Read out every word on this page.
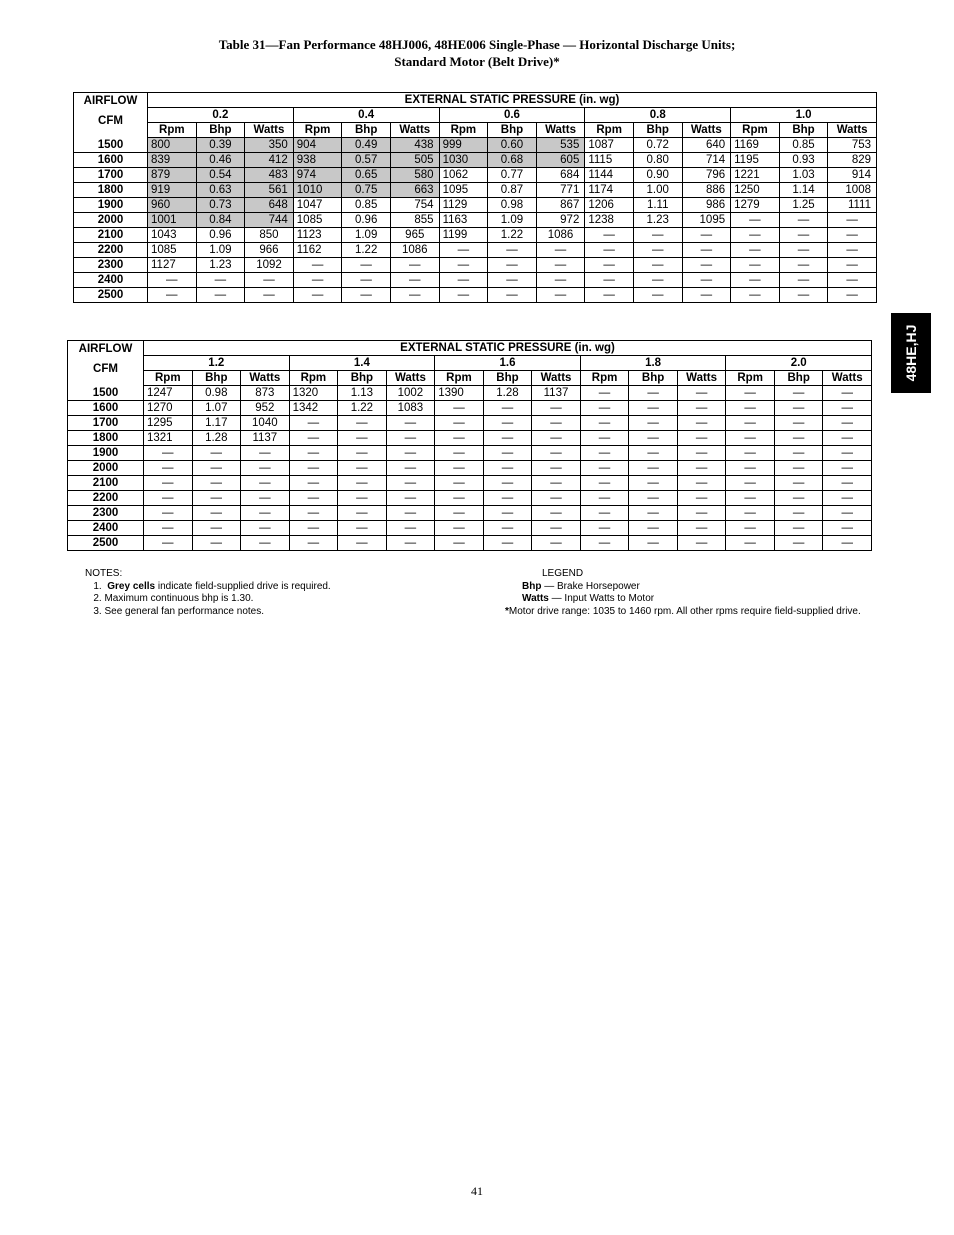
Table 31—Fan Performance 48HJ006, 48HE006 Single-Phase — Horizontal Discharge Units;
Standard Motor (Belt Drive)*
48HE,HJ
AIRFLOW
CFM	EXTERNAL STATIC PRESSURE (in. wg)														
	0.2			0.4			0.6			0.8			1.0		
	Rpm	Bhp	Watts	Rpm	Bhp	Watts	Rpm	Bhp	Watts	Rpm	Bhp	Watts	Rpm	Bhp	Watts
1500	800	0.39	350	904	0.49	438	999	0.60	535	1087	0.72	640	1169	0.85	753
1600	839	0.46	412	938	0.57	505	1030	0.68	605	1115	0.80	714	1195	0.93	829
1700	879	0.54	483	974	0.65	580	1062	0.77	684	1144	0.90	796	1221	1.03	914
1800	919	0.63	561	1010	0.75	663	1095	0.87	771	1174	1.00	886	1250	1.14	1008
1900	960	0.73	648	1047	0.85	754	1129	0.98	867	1206	1.11	986	1279	1.25	1111
2000	1001	0.84	744	1085	0.96	855	1163	1.09	972	1238	1.23	1095	—	—	—
2100	1043	0.96	850	1123	1.09	965	1199	1.22	1086	—	—	—	—	—	—
2200	1085	1.09	966	1162	1.22	1086	—	—	—	—	—	—	—	—	—
2300	1127	1.23	1092	—	—	—	—	—	—	—	—	—	—	—	—
2400	—	—	—	—	—	—	—	—	—	—	—	—	—	—	—
2500	—	—	—	—	—	—	—	—	—	—	—	—	—	—	—
AIRFLOW
CFM	EXTERNAL STATIC PRESSURE (in. wg)														
	1.2			1.4			1.6			1.8			2.0		
	Rpm	Bhp	Watts	Rpm	Bhp	Watts	Rpm	Bhp	Watts	Rpm	Bhp	Watts	Rpm	Bhp	Watts
1500	1247	0.98	873	1320	1.13	1002	1390	1.28	1137	—	—	—	—	—	—
1600	1270	1.07	952	1342	1.22	1083	—	—	—	—	—	—	—	—	—
1700	1295	1.17	1040	—	—	—	—	—	—	—	—	—	—	—	—
1800	1321	1.28	1137	—	—	—	—	—	—	—	—	—	—	—	—
1900	—	—	—	—	—	—	—	—	—	—	—	—	—	—	—
2000	—	—	—	—	—	—	—	—	—	—	—	—	—	—	—
2100	—	—	—	—	—	—	—	—	—	—	—	—	—	—	—
2200	—	—	—	—	—	—	—	—	—	—	—	—	—	—	—
2300	—	—	—	—	—	—	—	—	—	—	—	—	—	—	—
2400	—	—	—	—	—	—	—	—	—	—	—	—	—	—	—
2500	—	—	—	—	—	—	—	—	—	—	—	—	—	—	—
NOTES:
1. Grey cells indicate field-supplied drive is required.
2. Maximum continuous bhp is 1.30.
3. See general fan performance notes.
LEGEND
Bhp — Brake Horsepower
Watts — Input Watts to Motor
*Motor drive range: 1035 to 1460 rpm. All other rpms require field-supplied drive.
41
